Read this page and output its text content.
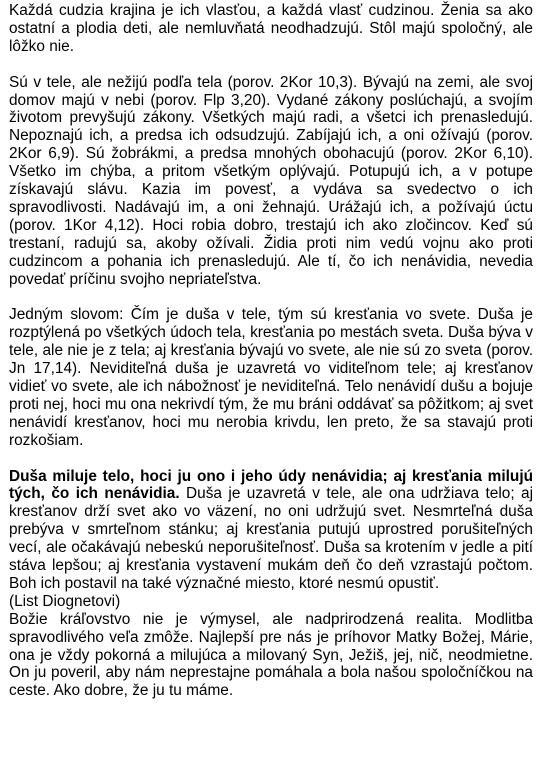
Každá cudzia krajina je ich vlasťou, a každá vlasť cudzinou. Ženia sa ako ostatní a plodia deti, ale nemluvňatá neodhadzujú. Stôl majú spoločný, ale lôžko nie.

Sú v tele, ale nežijú podľa tela (porov. 2Kor 10,3). Bývajú na zemi, ale svoj domov majú v nebi (porov. Flp 3,20). Vydané zákony poslúchajú, a svojím životom prevyšujú zákony. Všetkých majú radi, a všetci ich prenasledujú. Nepoznajú ich, a predsa ich odsudzujú. Zabíjajú ich, a oni ožívajú (porov. 2Kor 6,9). Sú žobrákmi, a predsa mnohých obohacujú (porov. 2Kor 6,10). Všetko im chýba, a pritom všetkým oplývajú. Potupujú ich, a v potupe získavajú slávu. Kazia im povesť, a vydáva sa svedectvo o ich spravodlivosti. Nadávajú im, a oni žehnajú. Urážajú ich, a požívajú úctu (porov. 1Kor 4,12). Hoci robia dobro, trestajú ich ako zločincov. Keď sú trestaní, radujú sa, akoby ožívali. Židia proti nim vedú vojnu ako proti cudzincom a pohania ich prenasledujú. Ale tí, čo ich nenávidia, nevedia povedať príčinu svojho nepriateľstva.

Jedným slovom: Čím je duša v tele, tým sú kresťania vo svete. Duša je rozptýlená po všetkých údoch tela, kresťania po mestách sveta. Duša býva v tele, ale nie je z tela; aj kresťania bývajú vo svete, ale nie sú zo sveta (porov. Jn 17,14). Neviditeľná duša je uzavretá vo viditeľnom tele; aj kresťanov vidieť vo svete, ale ich nábožnosť je neviditeľná. Telo nenávidí dušu a bojuje proti nej, hoci mu ona nekrivdí tým, že mu bráni oddávať sa pôžitkom; aj svet nenávidí kresťanov, hoci mu nerobia krivdu, len preto, že sa stavajú proti rozkošiam.

Duša miluje telo, hoci ju ono i jeho údy nenávidia; aj kresťania milujú tých, čo ich nenávidia. Duša je uzavretá v tele, ale ona udržiava telo; aj kresťanov drží svet ako vo väzení, no oni udržujú svet. Nesmrteľná duša prebýva v smrteľnom stánku; aj kresťania putujú uprostred porušiteľných vecí, ale očakávajú nebeskú neporušiteľnosť. Duša sa krotením v jedle a pití stáva lepšou; aj kresťania vystavení mukám deň čo deň vzrastajú počtom. Boh ich postavil na také význačné miesto, ktoré nesmú opustiť.

(List Diognetovi)

Božie kráľovstvo nie je výmysel, ale nadprirodzená realita. Modlitba spravodlivého veľa zmôže. Najlepší pre nás je príhovor Matky Božej, Márie, ona je vždy pokorná a milujúca a milovaný Syn, Ježiš, jej, nič, neodmietne. On ju poveril, aby nám neprestajne pomáhala a bola našou spoločníčkou na ceste. Ako dobre, že ju tu máme.
